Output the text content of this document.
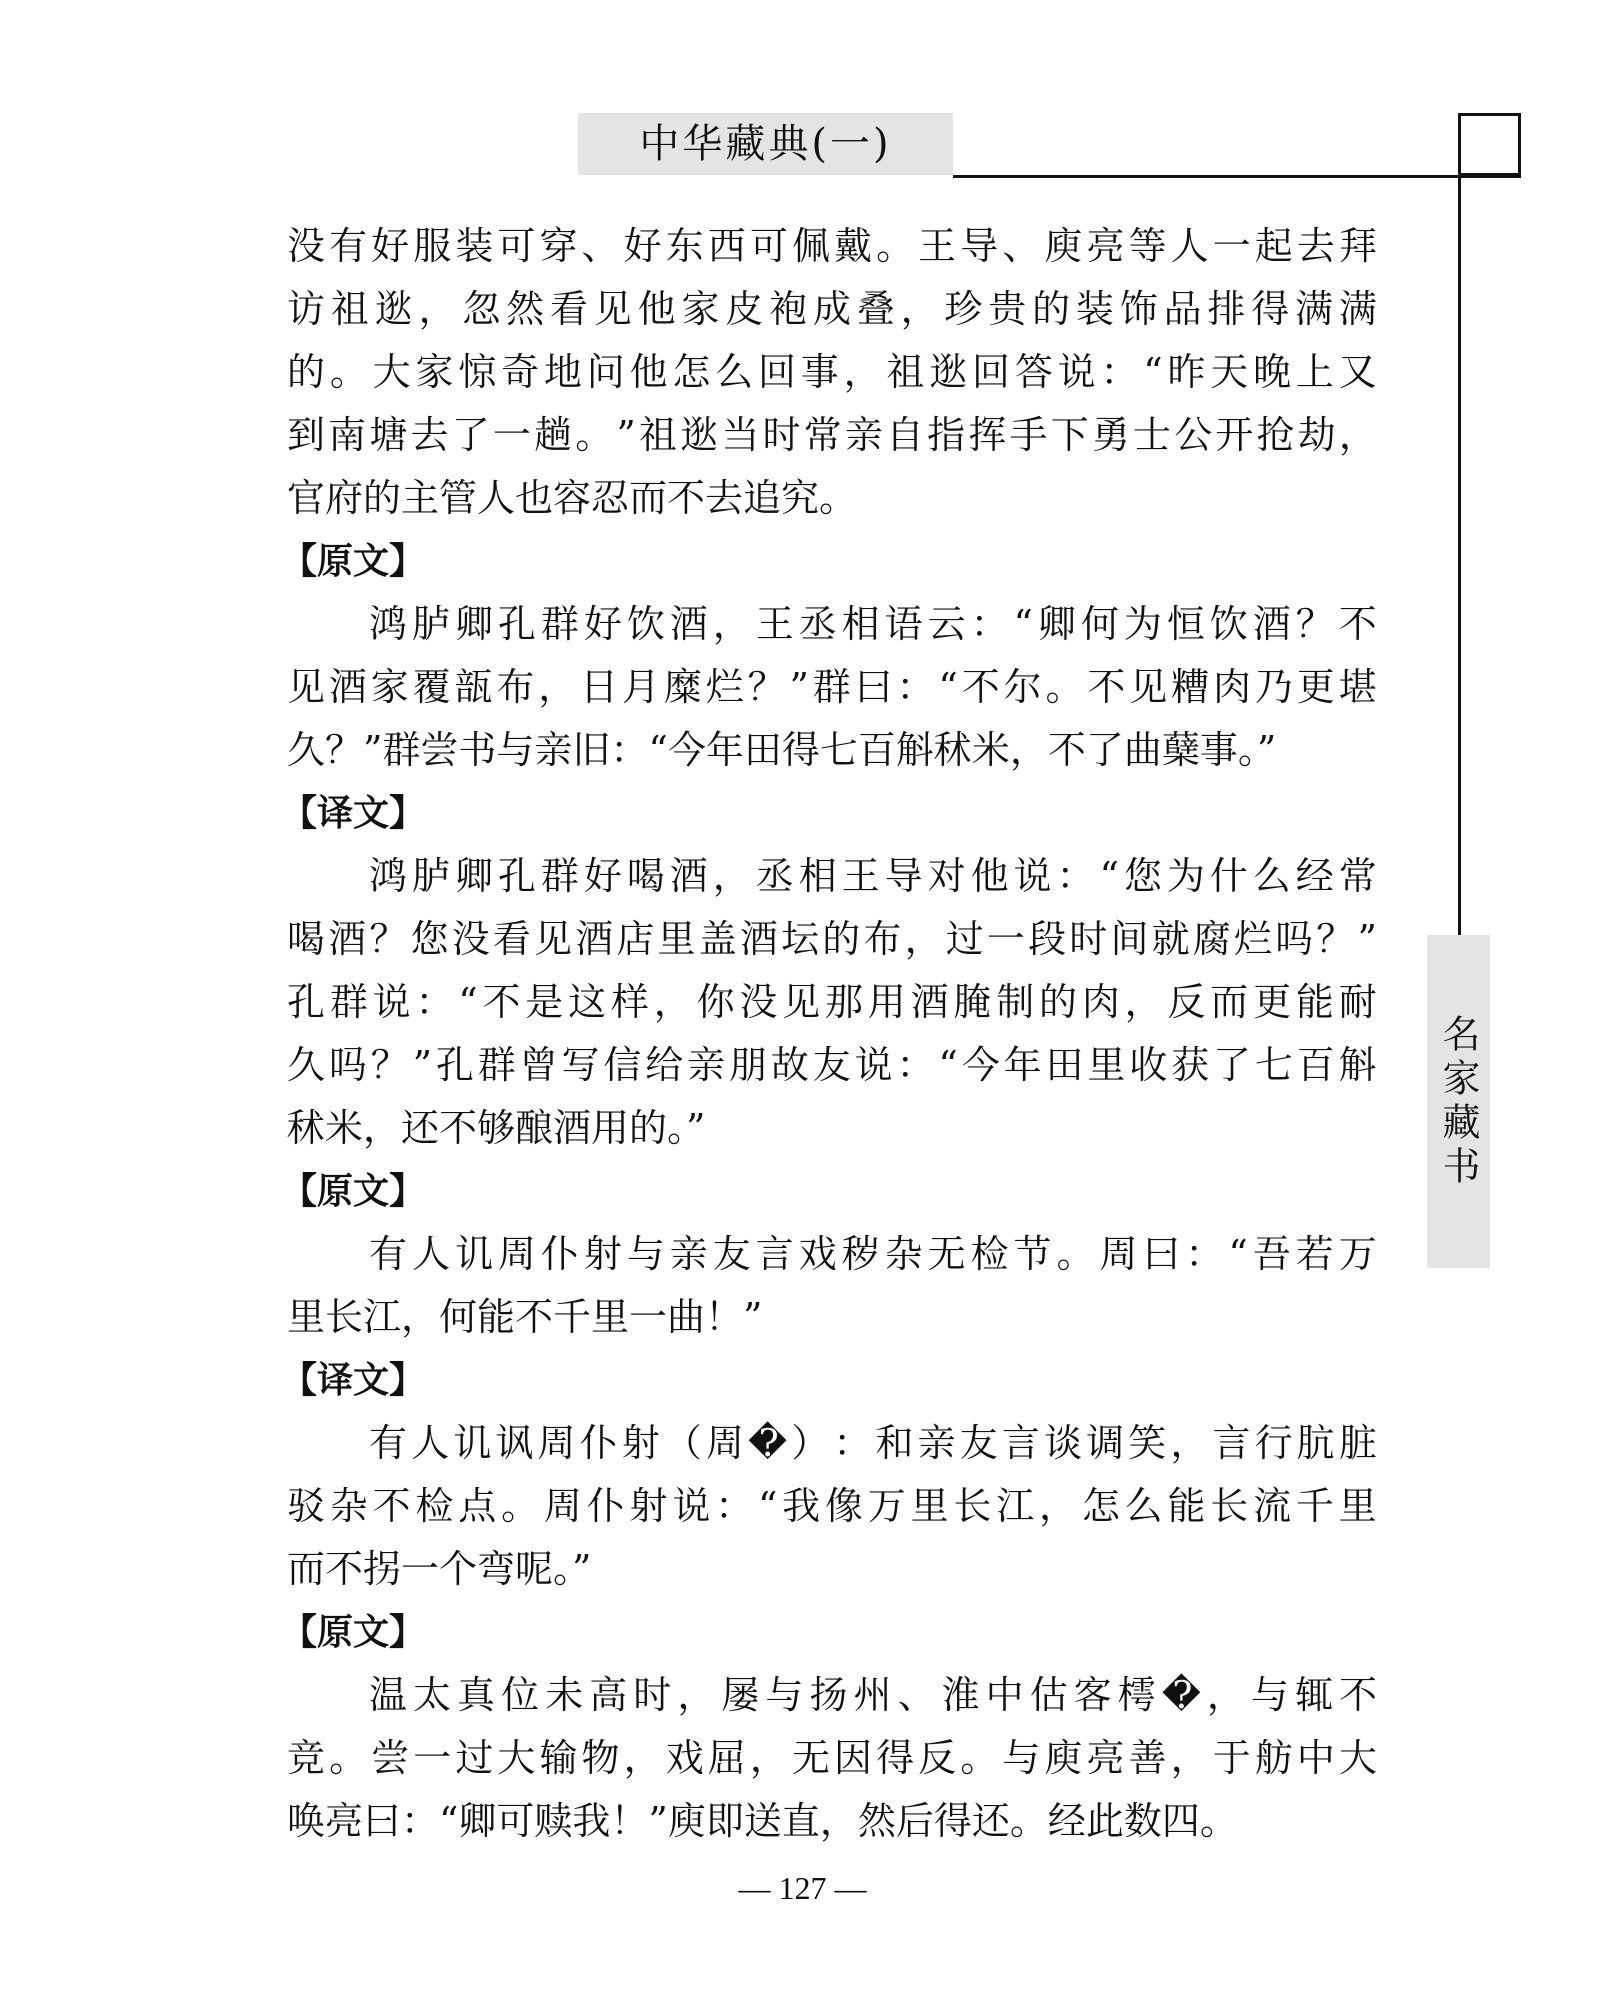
中华藏典(一)
名家藏书
没 有 好 服 装 可 穿 、 好 东 西 可 佩 戴 。 王 导 、 庾 亮 等 人 一 起 去 拜
访 祖 逖 ， 忽 然 看 见 他 家 皮 袍 成 叠 ， 珍 贵 的 装 饰 品 排 得 满 满
的 。 大 家 惊 奇 地 问 他 怎 么 回 事 ， 祖 逖 回 答 说 ： “ 昨 天 晚 上 又
到 南 塘 去 了 一 趟 。 ” 祖 逖 当 时 常 亲 自 指 挥 手 下 勇 士 公 开 抢 劫 ，
官府的主管人也容忍而不去追究。
【原文】
鸿 胪 卿 孔 群 好 饮 酒 ， 王 丞 相 语 云 ： “ 卿 何 为 恒 饮 酒 ？ 不
见 酒 家 覆 瓿 布 ， 日 月 糜 烂 ？ ” 群 曰 ： “ 不 尔 。 不 见 糟 肉 乃 更 堪
久？”群尝书与亲旧：“今年田得七百斛秫米，不了曲蘖事。”
【译文】
鸿 胪 卿 孔 群 好 喝 酒 ， 丞 相 王 导 对 他 说 ： “ 您 为 什 么 经 常
喝 酒 ？ 您 没 看 见 酒 店 里 盖 酒 坛 的 布 ， 过 一 段 时 间 就 腐 烂 吗 ？ ”
孔 群 说 ： “ 不 是 这 样 ， 你 没 见 那 用 酒 腌 制 的 肉 ， 反 而 更 能 耐
久 吗 ？ ” 孔 群 曾 写 信 给 亲 朋 故 友 说 ： “ 今 年 田 里 收 获 了 七 百 斛
秫米，还不够酿酒用的。”
【原文】
有 人 讥 周 仆 射 与 亲 友 言 戏 秽 杂 无 检 节 。 周 曰 ： “ 吾 若 万
里长江，何能不千里一曲！”
【译文】
有 人 讥 讽 周 仆 射 （ 周 � ） ： 和 亲 友 言 谈 调 笑 ， 言 行 肮 脏
驳 杂 不 检 点 。 周 仆 射 说 ： “ 我 像 万 里 长 江 ， 怎 么 能 长 流 千 里
而不拐一个弯呢。”
【原文】
温 太 真 位 未 高 时 ， 屡 与 扬 州 、 淮 中 估 客 樗 � ， 与 辄 不
竞 。 尝 一 过 大 输 物 ， 戏 屈 ， 无 因 得 反 。 与 庾 亮 善 ， 于 舫 中 大
唤亮曰：“卿可赎我！”庾即送直，然后得还。经此数四。
— 127 —
